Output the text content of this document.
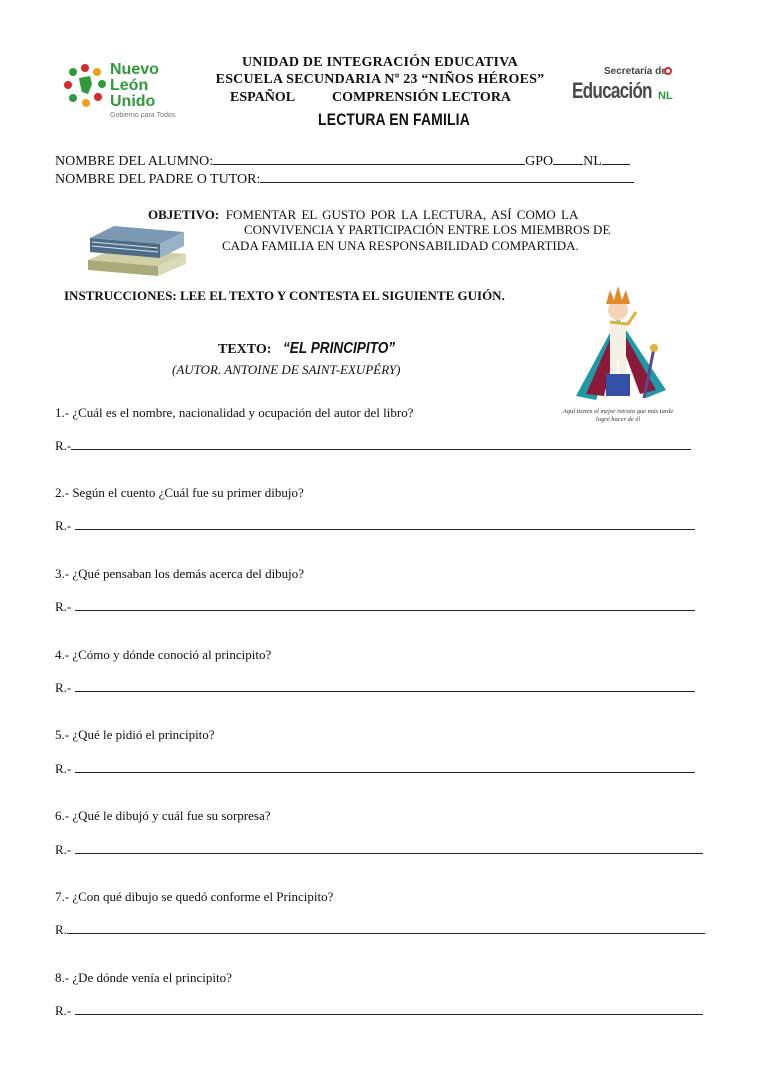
Nuevo
León
Unido
Gobierno para Todos
UNIDAD DE INTEGRACIÓN EDUCATIVA
ESCUELA SECUNDARIA Nº 23 “NIÑOS HÉROES”
ESPAÑOL	COMPRENSIÓN LECTORA
LECTURA EN FAMILIA
Secretaría de
Educación NL
NOMBRE DEL ALUMNO:	GPO NL
NOMBRE DEL PADRE O TUTOR:
OBJETIVO: FOMENTAR EL GUSTO POR LA LECTURA, ASÍ COMO LA
CONVIVENCIA Y PARTICIPACIÓN ENTRE LOS MIEMBROS DE
CADA FAMILIA EN UNA RESPONSABILIDAD COMPARTIDA.
INSTRUCCIONES: LEE EL TEXTO Y CONTESTA EL SIGUIENTE GUIÓN.
TEXTO: “EL PRINCIPITO”
(AUTOR. ANTOINE DE SAINT-EXUPÉRY)
Aquí tienen el mejor retrato que más tarde logré hacer de él
1.- ¿Cuál es el nombre, nacionalidad y ocupación del autor del libro?
R.-
2.- Según el cuento ¿Cuál fue su primer dibujo?
R.-
3.- ¿Qué pensaban los demás acerca del dibujo?
R.-
4.- ¿Cómo y dónde conoció al principito?
R.-
5.- ¿Qué le pidió el principito?
R.-
6.- ¿Qué le dibujó y cuál fue su sorpresa?
R.-
7.- ¿Con qué dibujo se quedó conforme el Principito?
R.
8.- ¿De dónde venía el principito?
R.-
